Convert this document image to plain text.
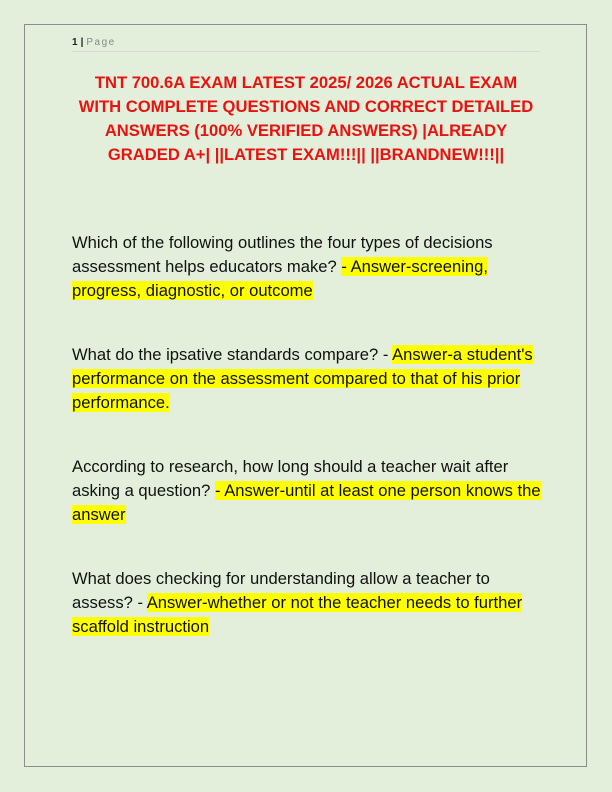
1 | Page
TNT 700.6A EXAM LATEST 2025/ 2026 ACTUAL EXAM WITH COMPLETE QUESTIONS AND CORRECT DETAILED ANSWERS (100% VERIFIED ANSWERS) |ALREADY GRADED A+| ||LATEST EXAM!!!|| ||BRANDNEW!!!||
Which of the following outlines the four types of decisions assessment helps educators make? - Answer-screening, progress, diagnostic, or outcome
What do the ipsative standards compare? - Answer-a student's performance on the assessment compared to that of his prior performance.
According to research, how long should a teacher wait after asking a question? - Answer-until at least one person knows the answer
What does checking for understanding allow a teacher to assess? - Answer-whether or not the teacher needs to further scaffold instruction
